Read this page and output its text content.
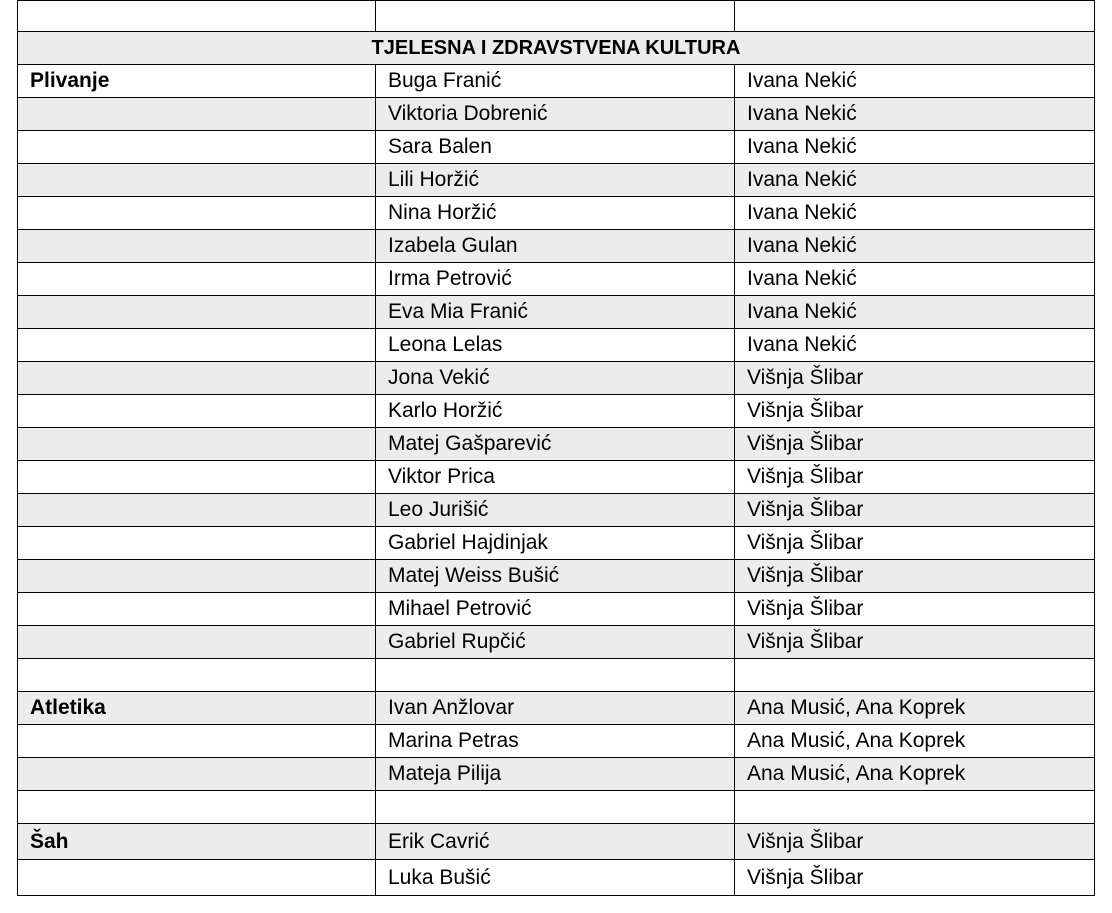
TJELESNA I ZDRAVSTVENA KULTURA		
Plivanje	Buga Franić	Ivana Nekić
	Viktoria Dobrenić	Ivana Nekić
	Sara Balen	Ivana Nekić
	Lili Horžić	Ivana Nekić
	Nina Horžić	Ivana Nekić
	Izabela Gulan	Ivana Nekić
	Irma Petrović	Ivana Nekić
	Eva Mia Franić	Ivana Nekić
	Leona Lelas	Ivana Nekić
	Jona Vekić	Višnja Šlibar
	Karlo Horžić	Višnja Šlibar
	Matej Gašparević	Višnja Šlibar
	Viktor Prica	Višnja Šlibar
	Leo Jurišić	Višnja Šlibar
	Gabriel Hajdinjak	Višnja Šlibar
	Matej Weiss Bušić	Višnja Šlibar
	Mihael Petrović	Višnja Šlibar
	Gabriel Rupčić	Višnja Šlibar

Atletika	Ivan Anžlovar	Ana Musić, Ana Koprek
	Marina Petras	Ana Musić, Ana Koprek
	Mateja Pilija	Ana Musić, Ana Koprek

Šah	Erik Cavrić	Višnja Šlibar
	Luka Bušić	Višnja Šlibar
